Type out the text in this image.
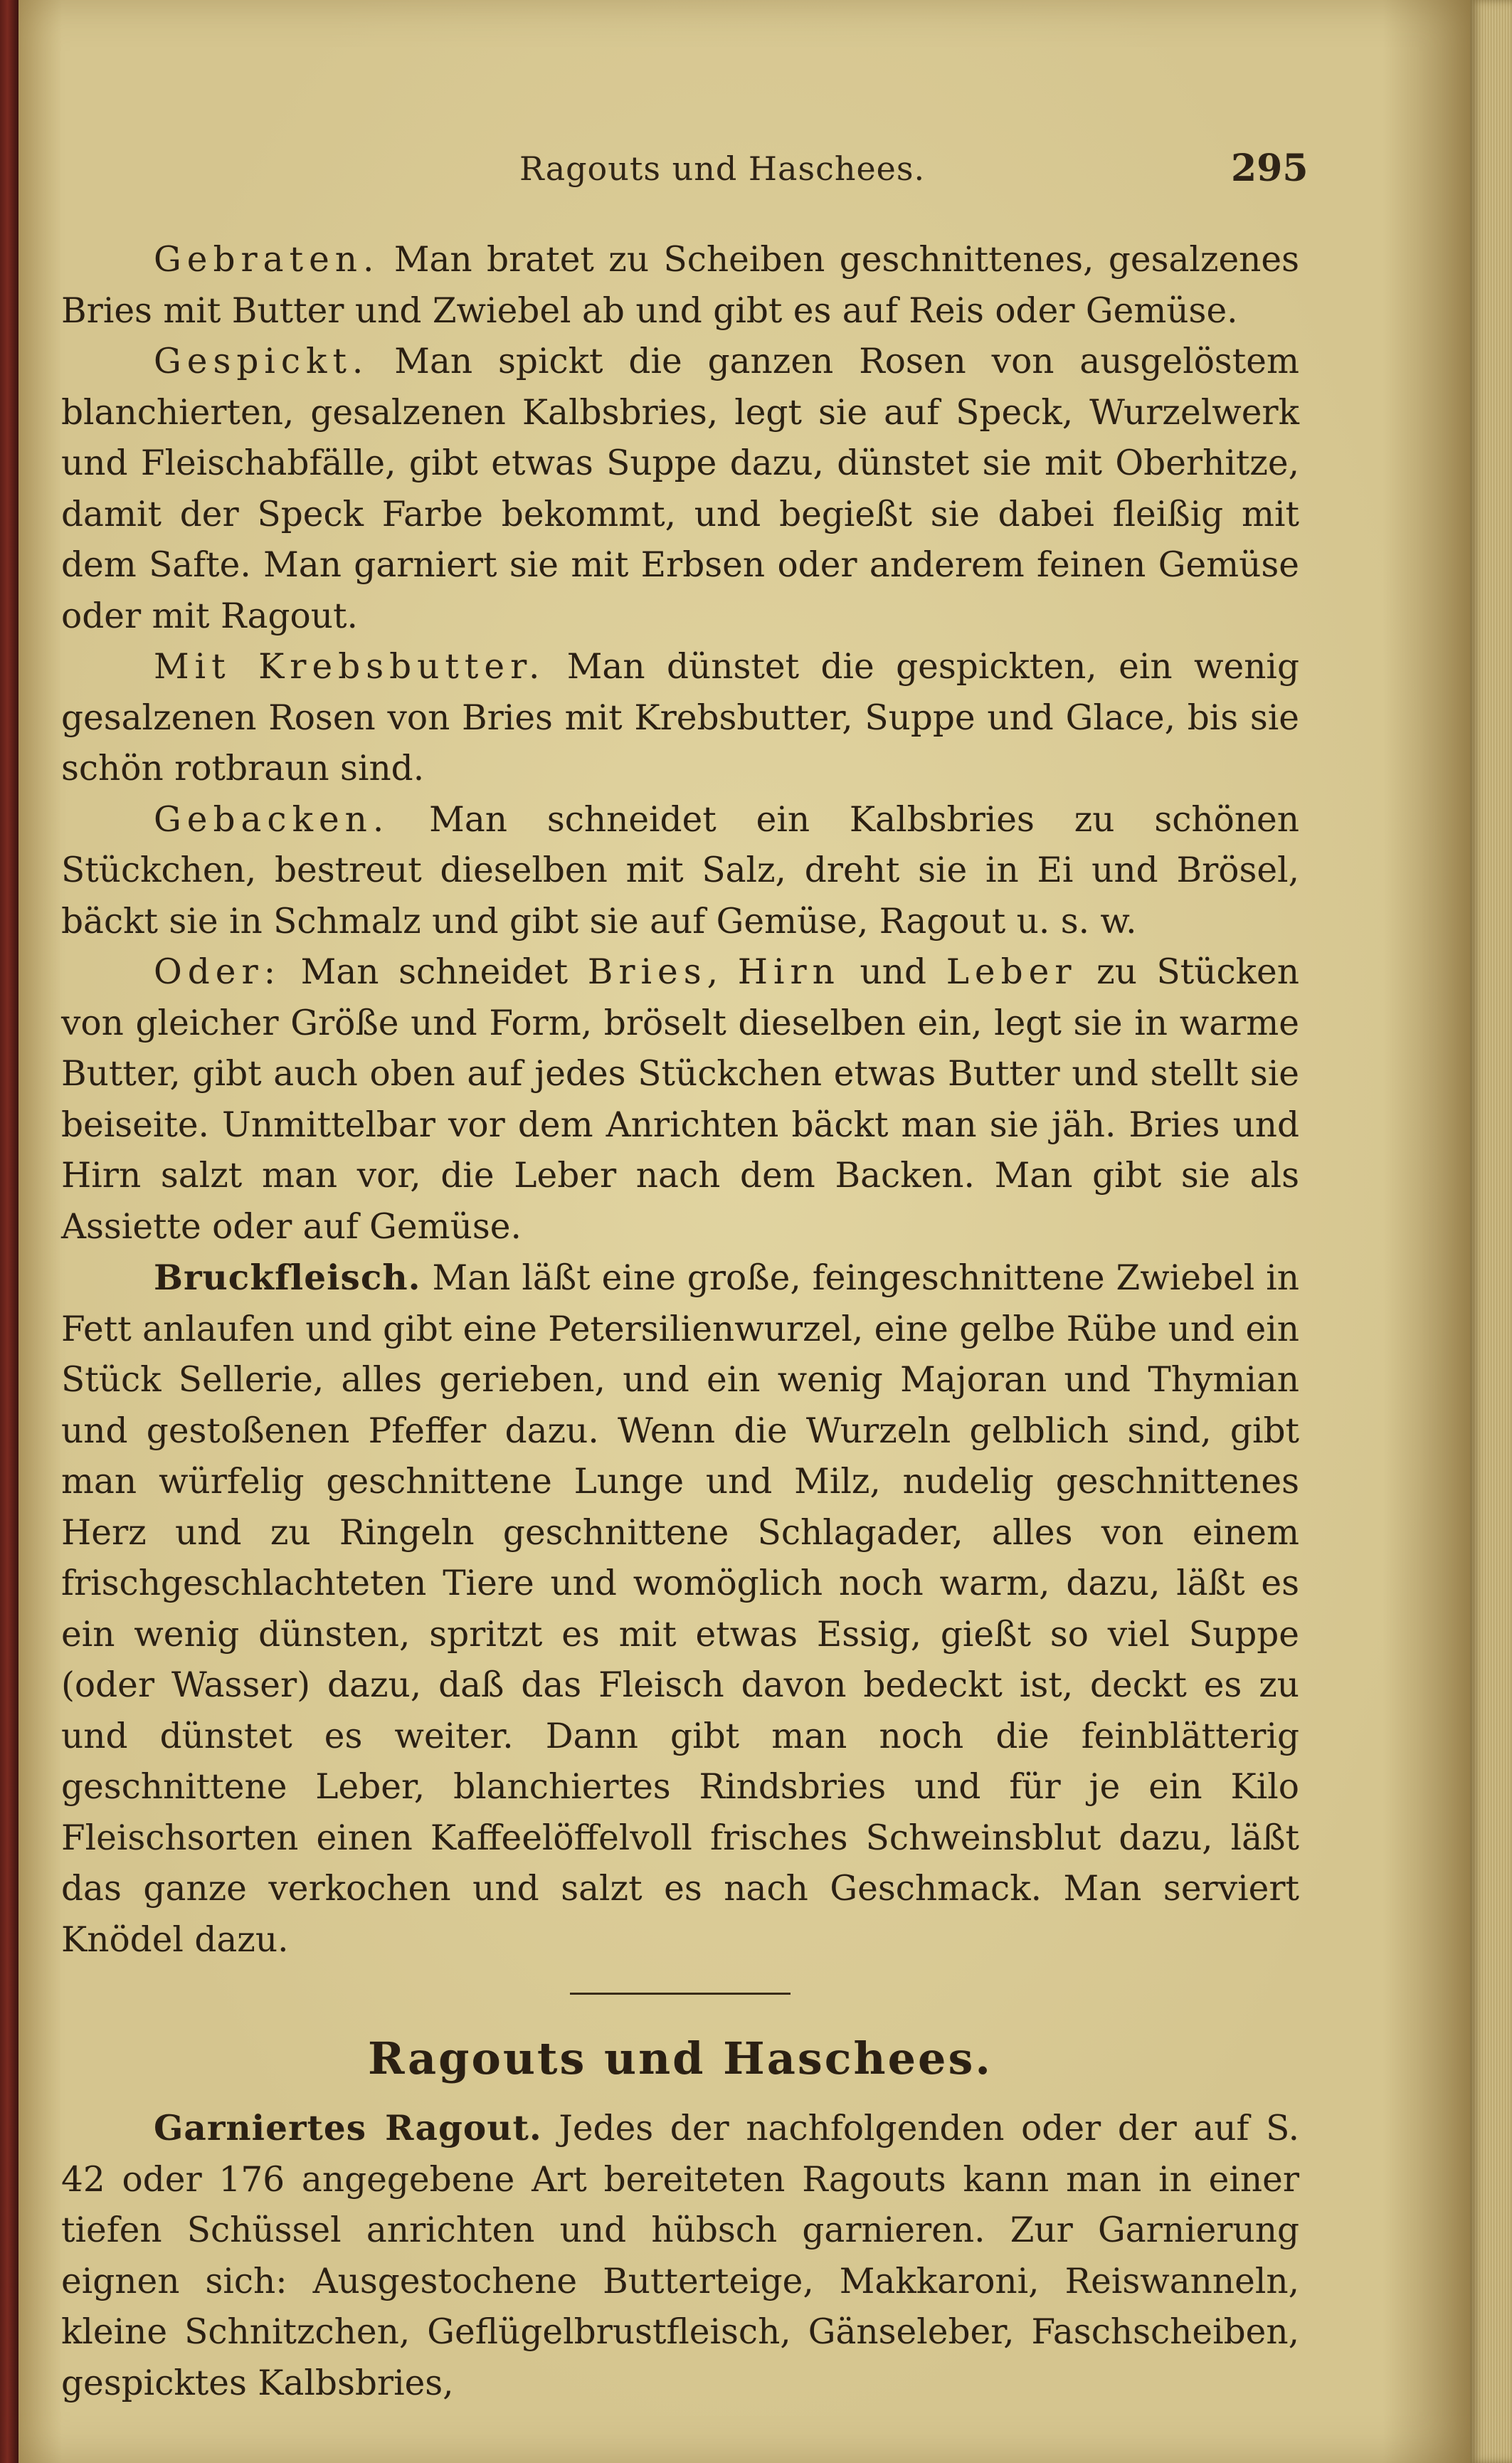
Ragouts und Haschees.	295

Gebraten. Man bratet zu Scheiben geschnittenes, gesalzenes Bries mit Butter und Zwiebel ab und gibt es auf Reis oder Gemüse.

Gespickt. Man spickt die ganzen Rosen von ausgelöstem blanchierten, gesalzenen Kalbsbries, legt sie auf Speck, Wurzelwerk und Fleischabfälle, gibt etwas Suppe dazu, dünstet sie mit Oberhitze, damit der Speck Farbe bekommt, und begießt sie dabei fleißig mit dem Safte. Man garniert sie mit Erbsen oder anderem feinen Gemüse oder mit Ragout.

Mit Krebsbutter. Man dünstet die gespickten, ein wenig gesalzenen Rosen von Bries mit Krebsbutter, Suppe und Glace, bis sie schön rotbraun sind.

Gebacken. Man schneidet ein Kalbsbries zu schönen Stückchen, bestreut dieselben mit Salz, dreht sie in Ei und Brösel, bäckt sie in Schmalz und gibt sie auf Gemüse, Ragout u. s. w.

Oder: Man schneidet Bries, Hirn und Leber zu Stücken von gleicher Größe und Form, bröselt dieselben ein, legt sie in warme Butter, gibt auch oben auf jedes Stückchen etwas Butter und stellt sie beiseite. Unmittelbar vor dem Anrichten bäckt man sie jäh. Bries und Hirn salzt man vor, die Leber nach dem Backen. Man gibt sie als Assiette oder auf Gemüse.

Bruckfleisch. Man läßt eine große, feingeschnittene Zwiebel in Fett anlaufen und gibt eine Petersilienwurzel, eine gelbe Rübe und ein Stück Sellerie, alles gerieben, und ein wenig Majoran und Thymian und gestoßenen Pfeffer dazu. Wenn die Wurzeln gelblich sind, gibt man würfelig geschnittene Lunge und Milz, nudelig geschnittenes Herz und zu Ringeln geschnittene Schlagader, alles von einem frischgeschlachteten Tiere und womöglich noch warm, dazu, läßt es ein wenig dünsten, spritzt es mit etwas Essig, gießt so viel Suppe (oder Wasser) dazu, daß das Fleisch davon bedeckt ist, deckt es zu und dünstet es weiter. Dann gibt man noch die feinblätterig geschnittene Leber, blanchiertes Rindsbries und für je ein Kilo Fleischsorten einen Kaffeelöffelvoll frisches Schweinsblut dazu, läßt das ganze verkochen und salzt es nach Geschmack. Man serviert Knödel dazu.

Ragouts und Haschees.

Garniertes Ragout. Jedes der nachfolgenden oder der auf S. 42 oder 176 angegebene Art bereiteten Ragouts kann man in einer tiefen Schüssel anrichten und hübsch garnieren. Zur Garnierung eignen sich: Ausgestochene Butterteige, Makkaroni, Reiswanneln, kleine Schnitzchen, Geflügelbrustfleisch, Gänseleber, Faschscheiben, gespicktes Kalbsbries,
